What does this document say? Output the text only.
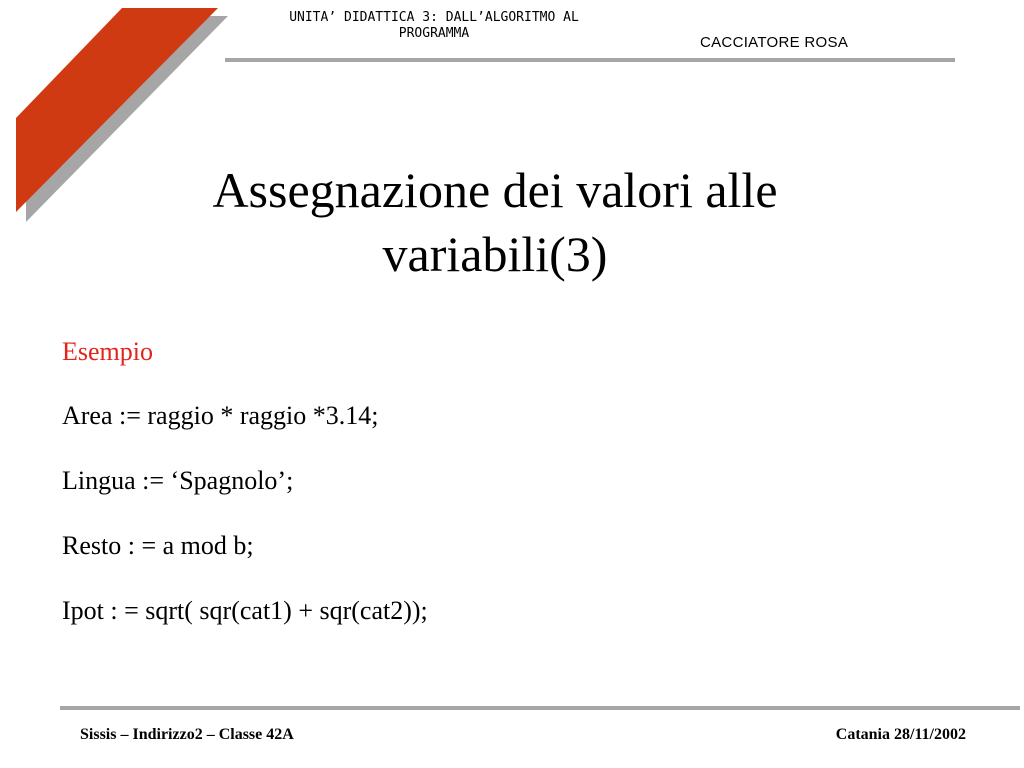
UNITA’ DIDATTICA 3: DALL’ALGORITMO AL
PROGRAMMA
CACCIATORE ROSA
Assegnazione dei valori alle variabili(3)
Esempio
Area := raggio * raggio *3.14;
Lingua := ‘Spagnolo’;
Resto : = a mod b;
Ipot : = sqrt( sqr(cat1) + sqr(cat2));
Sissis – Indirizzo2 – Classe 42A	Catania 28/11/2002
